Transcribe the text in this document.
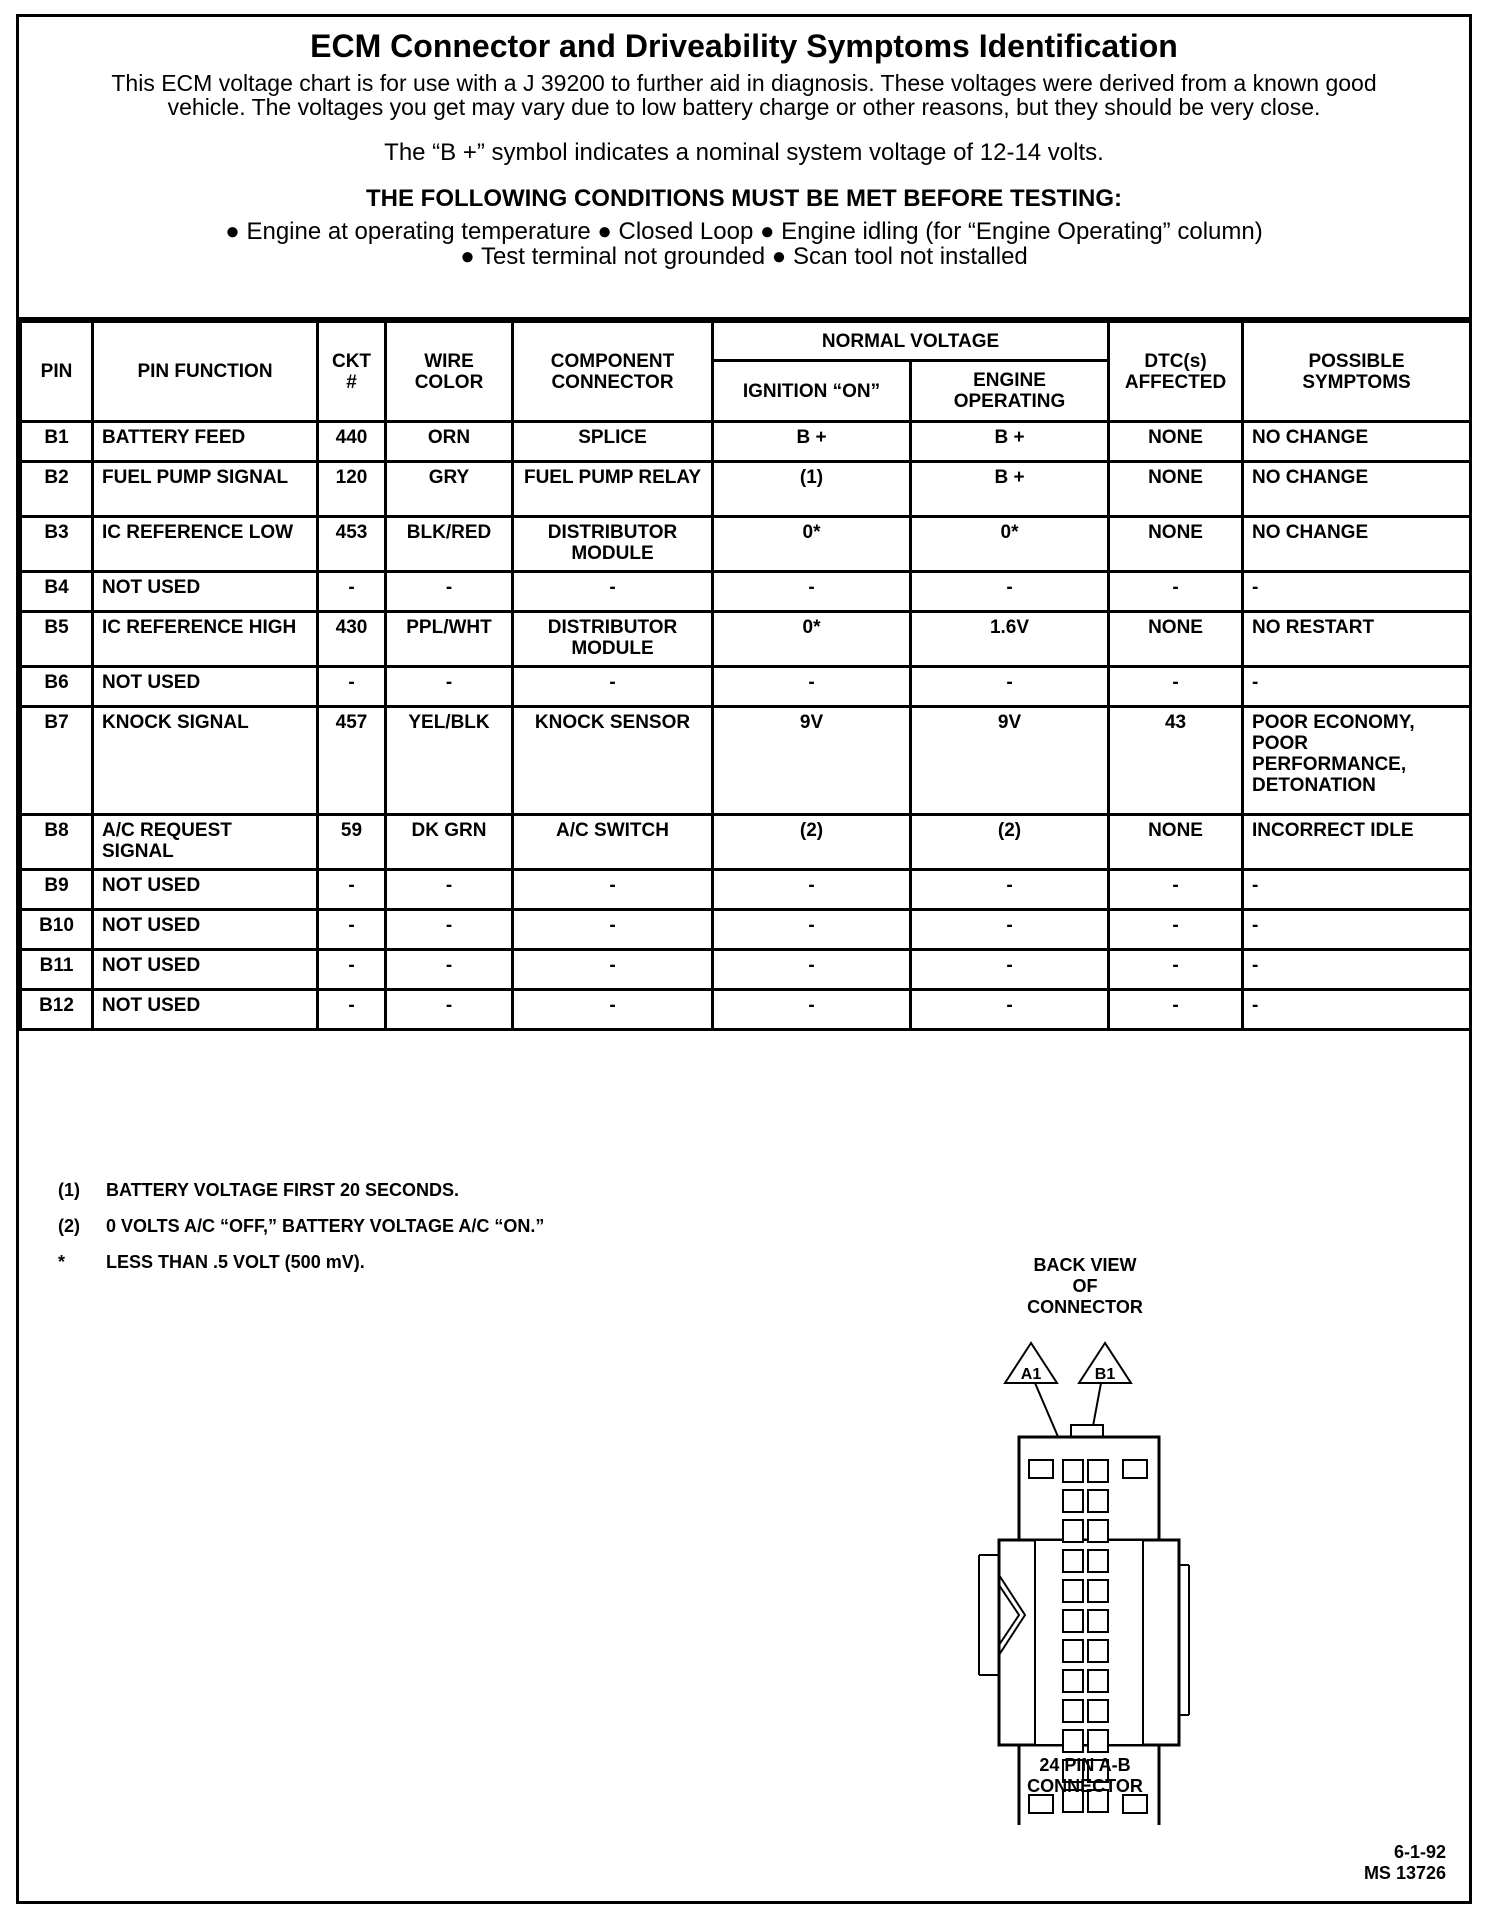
ECM Connector and Driveability Symptoms Identification
This ECM voltage chart is for use with a J 39200 to further aid in diagnosis. These voltages were derived from a known good vehicle. The voltages you get may vary due to low battery charge or other reasons, but they should be very close.
The “B +” symbol indicates a nominal system voltage of 12-14 volts.
THE FOLLOWING CONDITIONS MUST BE MET BEFORE TESTING:
● Engine at operating temperature ● Closed Loop ● Engine idling (for “Engine Operating” column)
● Test terminal not grounded ● Scan tool not installed
PIN	PIN FUNCTION	CKT #	WIRE COLOR	COMPONENT CONNECTOR	NORMAL VOLTAGE		DTC(s) AFFECTED	POSSIBLE SYMPTOMS
					IGNITION “ON”	ENGINE OPERATING		
B1	BATTERY FEED	440	ORN	SPLICE	B +	B +	NONE	NO CHANGE
B2	FUEL PUMP SIGNAL	120	GRY	FUEL PUMP RELAY	(1)	B +	NONE	NO CHANGE
B3	IC REFERENCE LOW	453	BLK/RED	DISTRIBUTOR MODULE	0*	0*	NONE	NO CHANGE
B4	NOT USED	-	-	-	-	-	-	-
B5	IC REFERENCE HIGH	430	PPL/WHT	DISTRIBUTOR MODULE	0*	1.6V	NONE	NO RESTART
B6	NOT USED	-	-	-	-	-	-	-
B7	KNOCK SIGNAL	457	YEL/BLK	KNOCK SENSOR	9V	9V	43	POOR ECONOMY, POOR PERFORMANCE, DETONATION
B8	A/C REQUEST SIGNAL	59	DK GRN	A/C SWITCH	(2)	(2)	NONE	INCORRECT IDLE
B9	NOT USED	-	-	-	-	-	-	-
B10	NOT USED	-	-	-	-	-	-	-
B11	NOT USED	-	-	-	-	-	-	-
B12	NOT USED	-	-	-	-	-	-	-
(1)	BATTERY VOLTAGE FIRST 20 SECONDS.
(2)	0 VOLTS A/C “OFF,” BATTERY VOLTAGE A/C “ON.”
*	LESS THAN .5 VOLT (500 mV).	BACK VIEW
OF
CONNECTOR
A1	B1
24 PIN A-B
CONNECTOR
6-1-92
MS 13726
